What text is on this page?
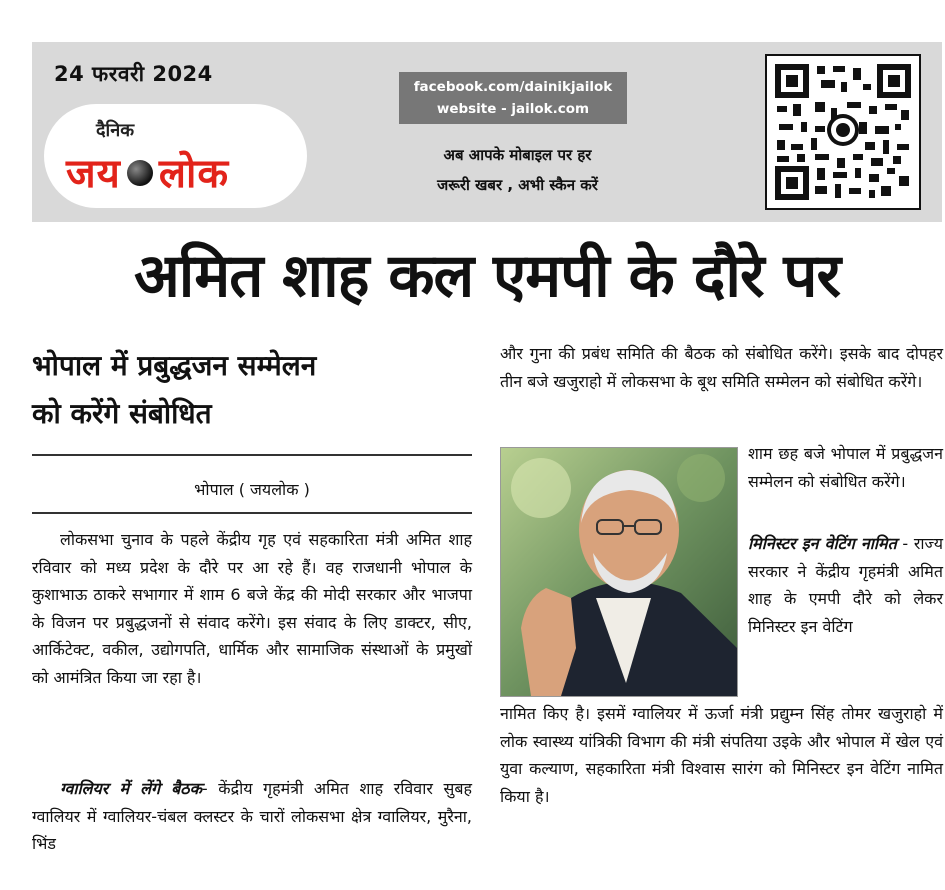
24 फरवरी 2024
दैनिक
जय लोक
facebook.com/dainikjailok
website - jailok.com
अब आपके मोबाइल पर हर
जरूरी खबर , अभी स्कैन करें
अमित शाह कल एमपी के दौरे पर
भोपाल में प्रबुद्धजन सम्मेलन
को करेंगे संबोधित
भोपाल ( जयलोक )
लोकसभा चुनाव के पहले केंद्रीय गृह एवं सहकारिता मंत्री अमित शाह रविवार को मध्य प्रदेश के दौरे पर आ रहे हैं। वह राजधानी भोपाल के कुशाभाऊ ठाकरे सभागार में शाम 6 बजे केंद्र की मोदी सरकार और भाजपा के विजन पर प्रबुद्धजनों से संवाद करेंगे। इस संवाद के लिए डाक्टर, सीए, आर्किटेक्ट, वकील, उद्योगपति, धार्मिक और सामाजिक संस्थाओं के प्रमुखों को आमंत्रित किया जा रहा है।
ग्वालियर में लेंगे बैठक- केंद्रीय गृहमंत्री अमित शाह रविवार सुबह ग्वालियर में ग्वालियर-चंबल क्लस्टर के चारों लोकसभा क्षेत्र ग्वालियर, मुरैना, भिंड
और गुना की प्रबंध समिति की बैठक को संबोधित करेंगे। इसके बाद दोपहर तीन बजे खजुराहो में लोकसभा के बूथ समिति सम्मेलन को संबोधित करेंगे।
शाम छह बजे भोपाल में प्रबुद्धजन सम्मेलन को संबोधित करेंगे।
मिनिस्टर इन वेटिंग नामित - राज्य सरकार ने केंद्रीय गृहमंत्री अमित शाह के एमपी दौरे को लेकर मिनिस्टर इन वेटिंग
नामित किए है। इसमें ग्वालियर में ऊर्जा मंत्री प्रद्युम्न सिंह तोमर खजुराहो में लोक स्वास्थ्य यांत्रिकी विभाग की मंत्री संपतिया उइके और भोपाल में खेल एवं युवा कल्याण, सहकारिता मंत्री विश्वास सारंग को मिनिस्टर इन वेटिंग नामित किया है।
